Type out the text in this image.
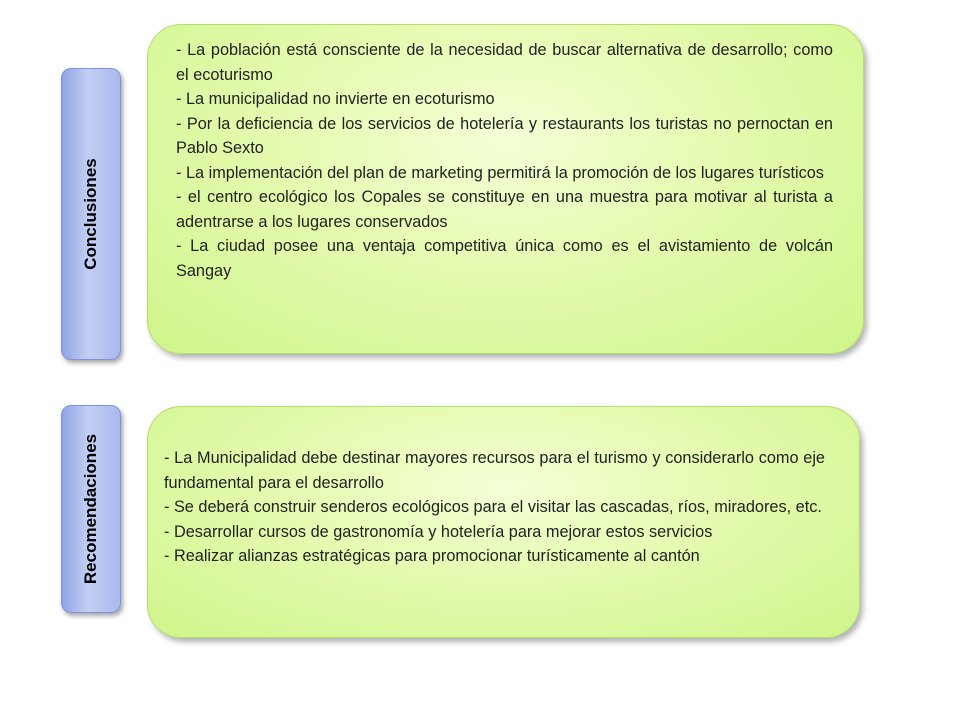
Conclusiones

- La población está consciente de la necesidad de buscar alternativa de desarrollo; como el ecoturismo

- La municipalidad no invierte en ecoturismo

- Por la deficiencia de los servicios de hotelería y restaurants los turistas no pernoctan en Pablo Sexto

- La implementación del plan de marketing permitirá la promoción de los lugares turísticos

- el centro ecológico los Copales se constituye en una muestra para motivar al turista a adentrarse a los lugares conservados

- La ciudad posee una ventaja competitiva única como es el avistamiento de volcán Sangay

Recomendaciones	- La Municipalidad debe destinar mayores recursos para el turismo y considerarlo como eje fundamental para el desarrollo

- Se deberá construir senderos ecológicos para el visitar las cascadas, ríos, miradores, etc.

- Desarrollar cursos de gastronomía y hotelería para mejorar estos servicios

- Realizar alianzas estratégicas para promocionar turísticamente al cantón
